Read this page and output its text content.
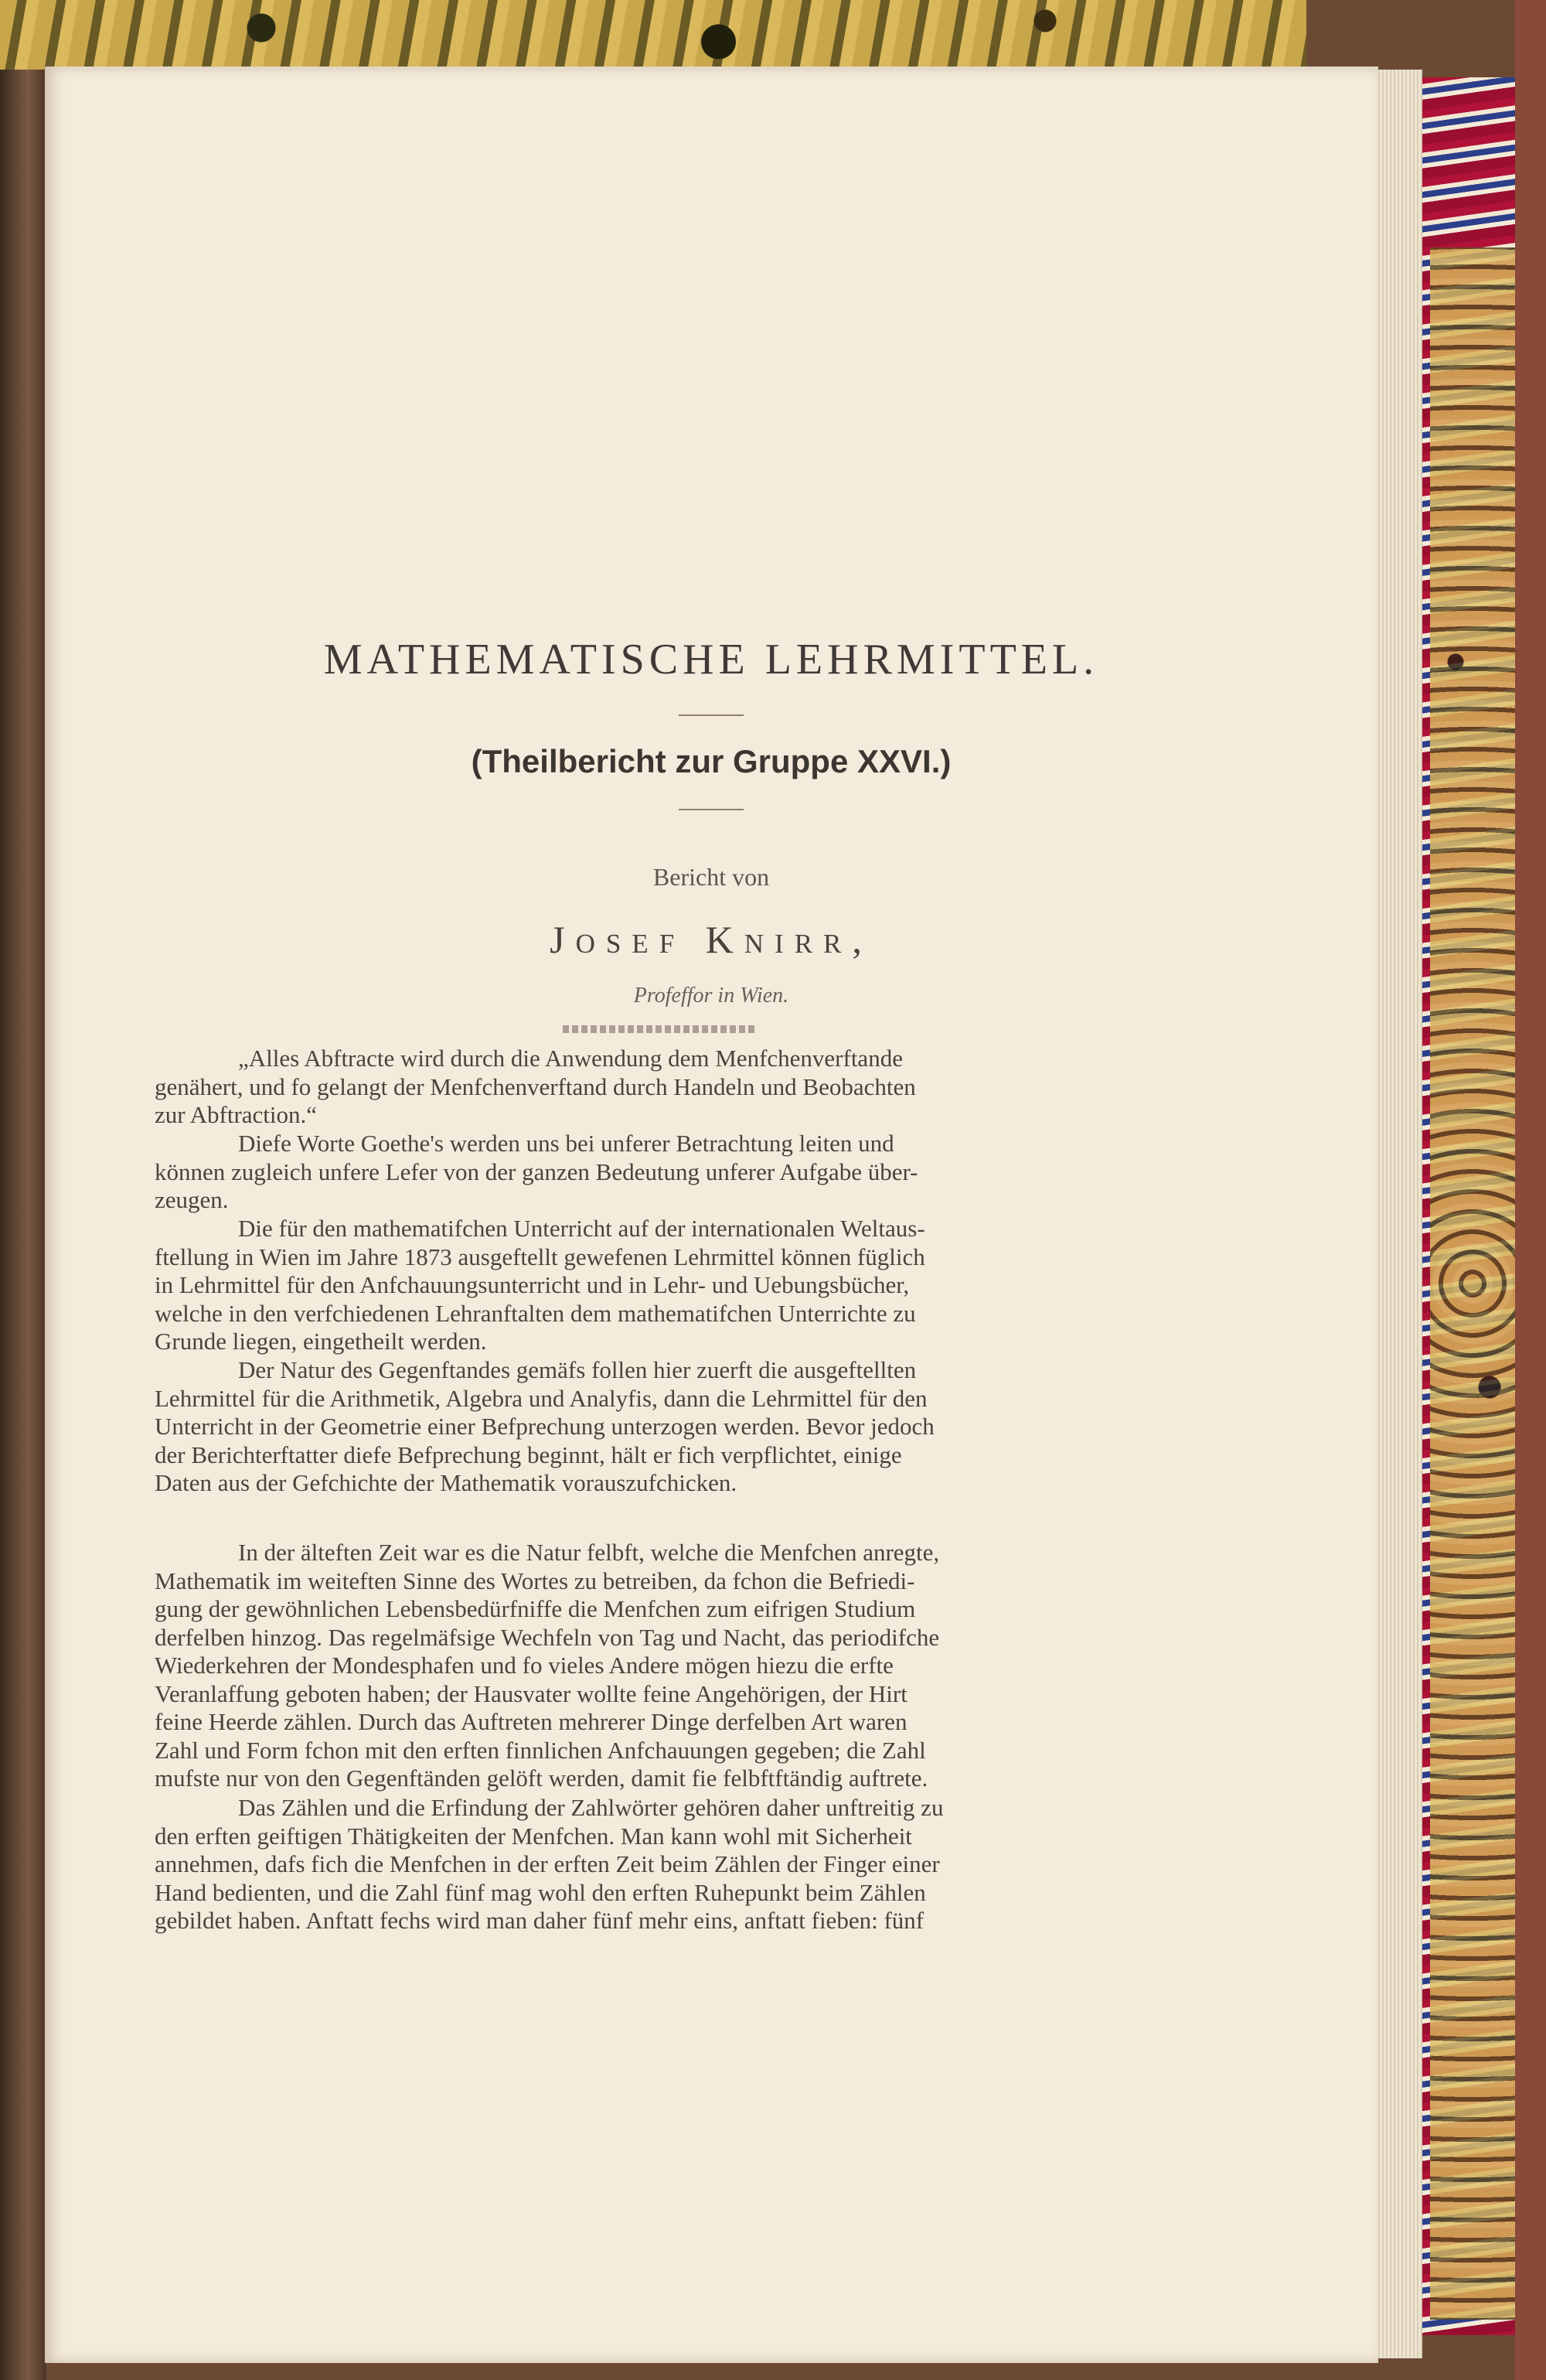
MATHEMATISCHE LEHRMITTEL.
(Theilbericht zur Gruppe XXVI.)
Bericht von
Josef Knirr,
Profeffor in Wien.

„Alles Abftracte wird durch die Anwendung dem Menfchenverftande
genähert, und fo gelangt der Menfchenverftand durch Handeln und Beobachten
zur Abftraction.“

Diefe Worte Goethe's werden uns bei unferer Betrachtung leiten und
können zugleich unfere Lefer von der ganzen Bedeutung unferer Aufgabe über-
zeugen.

Die für den mathematifchen Unterricht auf der internationalen Weltaus-
ftellung in Wien im Jahre 1873 ausgeftellt gewefenen Lehrmittel können füglich
in Lehrmittel für den Anfchauungsunterricht und in Lehr- und Uebungsbücher,
welche in den verfchiedenen Lehranftalten dem mathematifchen Unterrichte zu
Grunde liegen, eingetheilt werden.

Der Natur des Gegenftandes gemäfs follen hier zuerft die ausgeftellten
Lehrmittel für die Arithmetik, Algebra und Analyfis, dann die Lehrmittel für den
Unterricht in der Geometrie einer Befprechung unterzogen werden. Bevor jedoch
der Berichterftatter diefe Befprechung beginnt, hält er fich verpflichtet, einige
Daten aus der Gefchichte der Mathematik vorauszufchicken.

In der älteften Zeit war es die Natur felbft, welche die Menfchen anregte,
Mathematik im weiteften Sinne des Wortes zu betreiben, da fchon die Befriedi-
gung der gewöhnlichen Lebensbedürfniffe die Menfchen zum eifrigen Studium
derfelben hinzog. Das regelmäfsige Wechfeln von Tag und Nacht, das periodifche
Wiederkehren der Mondesphafen und fo vieles Andere mögen hiezu die erfte
Veranlaffung geboten haben; der Hausvater wollte feine Angehörigen, der Hirt
feine Heerde zählen. Durch das Auftreten mehrerer Dinge derfelben Art waren
Zahl und Form fchon mit den erften finnlichen Anfchauungen gegeben; die Zahl
mufste nur von den Gegenftänden gelöft werden, damit fie felbftftändig auftrete.

Das Zählen und die Erfindung der Zahlwörter gehören daher unftreitig zu
den erften geiftigen Thätigkeiten der Menfchen. Man kann wohl mit Sicherheit
annehmen, dafs fich die Menfchen in der erften Zeit beim Zählen der Finger einer
Hand bedienten, und die Zahl fünf mag wohl den erften Ruhepunkt beim Zählen
gebildet haben. Anftatt fechs wird man daher fünf mehr eins, anftatt fieben: fünf
